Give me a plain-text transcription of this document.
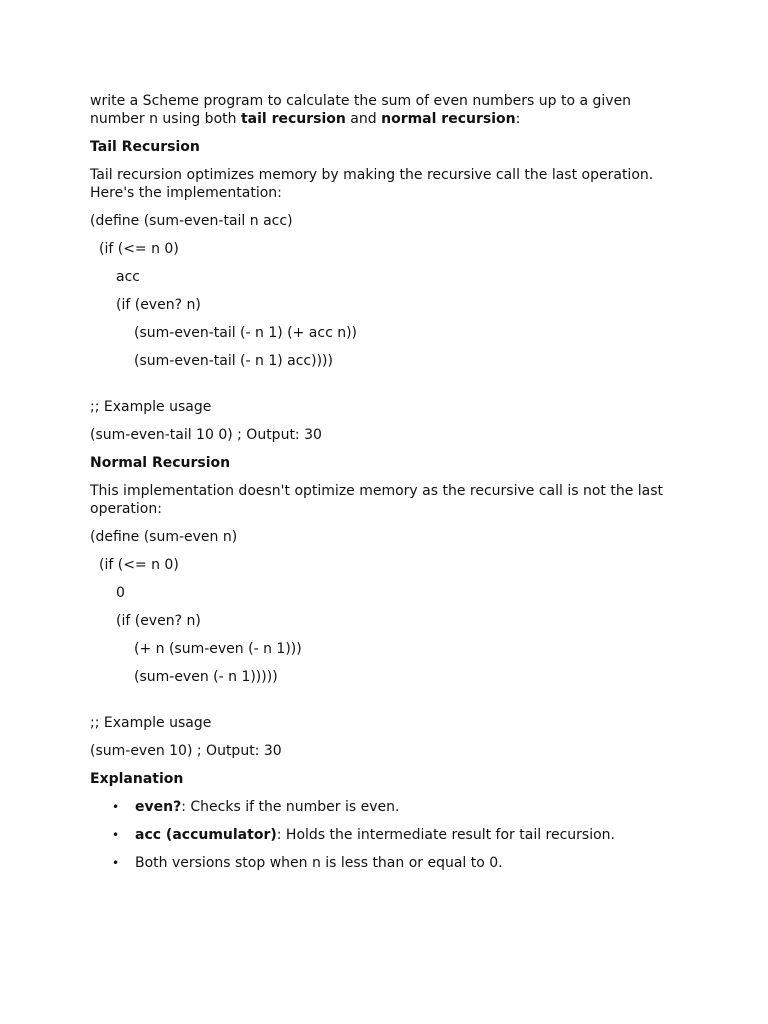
write a Scheme program to calculate the sum of even numbers up to a given number n using both tail recursion and normal recursion:

Tail Recursion

Tail recursion optimizes memory by making the recursive call the last operation. Here's the implementation:

(define (sum-even-tail n acc)

(if (<= n 0)

acc

(if (even? n)

(sum-even-tail (- n 1) (+ acc n))

(sum-even-tail (- n 1) acc))))

;; Example usage

(sum-even-tail 10 0) ; Output: 30

Normal Recursion

This implementation doesn't optimize memory as the recursive call is not the last operation:

(define (sum-even n)

(if (<= n 0)

0

(if (even? n)

(+ n (sum-even (- n 1)))

(sum-even (- n 1)))))

;; Example usage

(sum-even 10) ; Output: 30

Explanation

• even?: Checks if the number is even.
• acc (accumulator): Holds the intermediate result for tail recursion.
• Both versions stop when n is less than or equal to 0.
